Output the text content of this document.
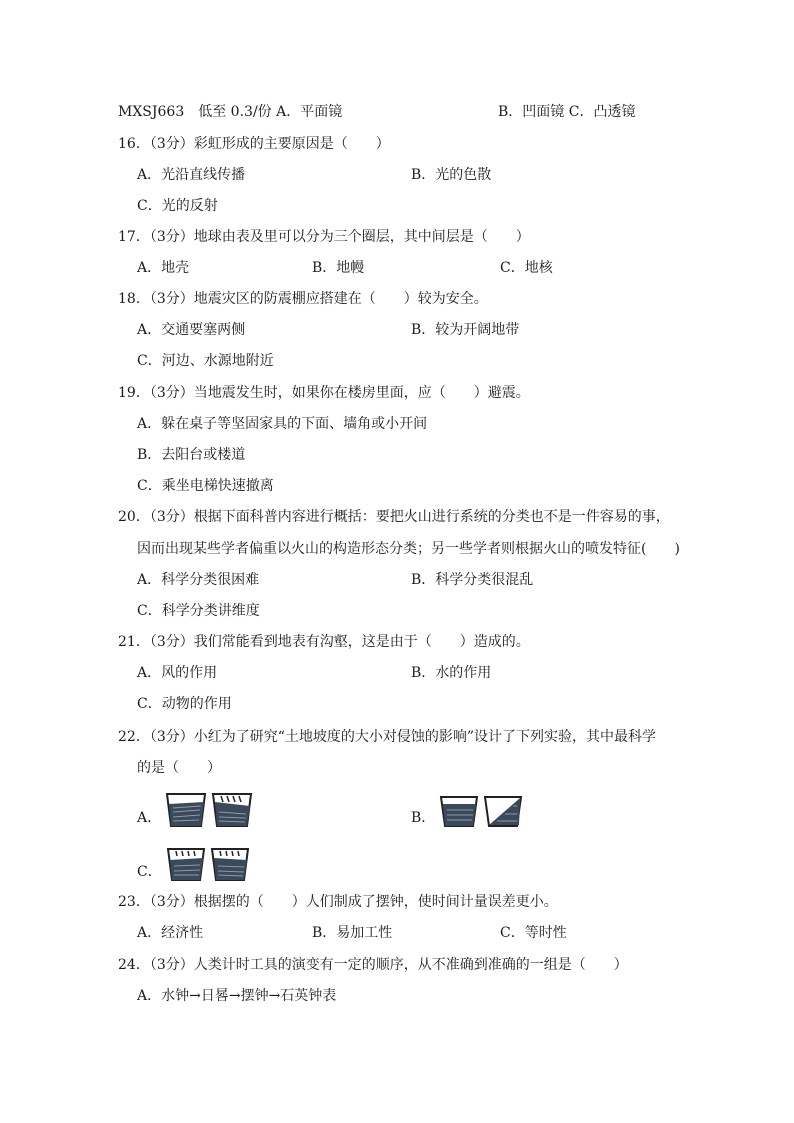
MXSJ663　低至 0.3/份 A．平面镜	B．凹面镜 C．凸透镜
16．（3分）彩虹形成的主要原因是（　　）
A．光沿直线传播	B．光的色散
C．光的反射
17．（3分）地球由表及里可以分为三个圈层，其中间层是（　　）
A．地壳	B．地幔	C．地核
18．（3分）地震灾区的防震棚应搭建在（　　）较为安全。
A．交通要塞两侧	B．较为开阔地带
C．河边、水源地附近
19．（3分）当地震发生时，如果你在楼房里面，应（　　）避震。
A．躲在桌子等坚固家具的下面、墙角或小开间
B．去阳台或楼道
C．乘坐电梯快速撤离
20．（3分）根据下面科普内容进行概括：要把火山进行系统的分类也不是一件容易的事，
因而出现某些学者偏重以火山的构造形态分类；另一些学者则根据火山的喷发特征(　　)
A．科学分类很困难	B．科学分类很混乱
C．科学分类讲维度
21．（3分）我们常能看到地表有沟壑，这是由于（　　）造成的。
A．风的作用	B．水的作用
C．动物的作用
22．（3分）小红为了研究“土地坡度的大小对侵蚀的影响”设计了下列实验，其中最科学
的是（　　）
A．	B．
C．
23．（3分）根据摆的（　　）人们制成了摆钟，使时间计量误差更小。
A．经济性	B．易加工性	C．等时性
24．（3分）人类计时工具的演变有一定的顺序，从不准确到准确的一组是（　　）
A．水钟→日晷→摆钟→石英钟表
